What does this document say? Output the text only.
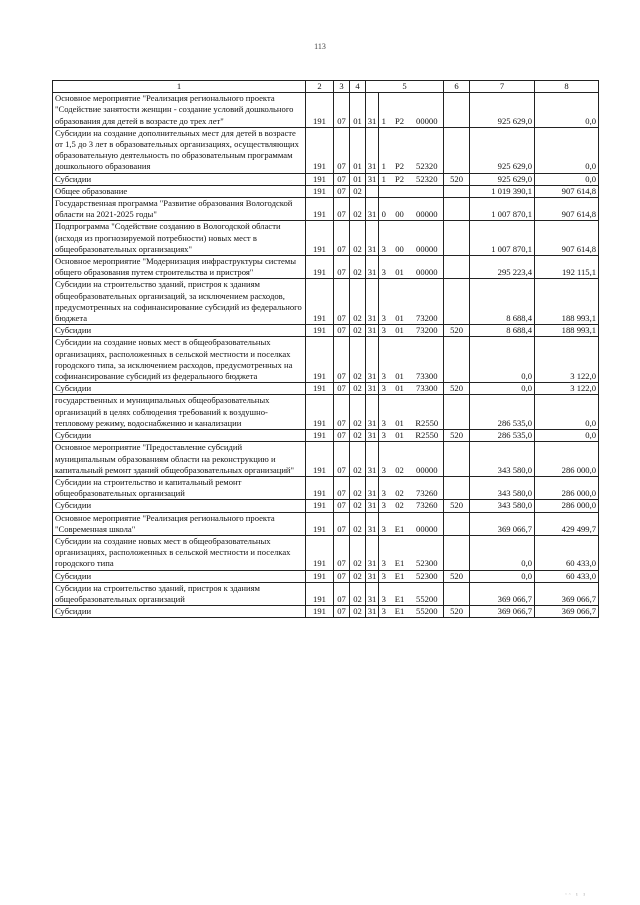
113
1	2	3	4	5				6	7	8
Основное мероприятие "Реализация регионального проекта "Содействие занятости женщин - создание условий дошкольного образования для детей в возрасте до трех лет"	191	07	01	31	1	P2	00000		925 629,0	0,0
Субсидии на создание дополнительных мест для детей в возрасте от 1,5 до 3 лет в образовательных организациях, осуществляющих образовательную деятельность по образовательным программам дошкольного образования	191	07	01	31	1	P2	52320		925 629,0	0,0
Субсидии	191	07	01	31	1	P2	52320	520	925 629,0	0,0
Общее образование	191	07	02						1 019 390,1	907 614,8
Государственная программа "Развитие образования Вологодской области на 2021-2025 годы"	191	07	02	31	0	00	00000		1 007 870,1	907 614,8
Подпрограмма "Содействие созданию в Вологодской области (исходя из прогнозируемой потребности) новых мест в общеобразовательных организациях"	191	07	02	31	3	00	00000		1 007 870,1	907 614,8
Основное мероприятие "Модернизация инфраструктуры системы общего образования путем строительства и пристроя"	191	07	02	31	3	01	00000		295 223,4	192 115,1
Субсидии на строительство зданий, пристроя к зданиям общеобразовательных организаций, за исключением расходов, предусмотренных на софинансирование субсидий из федерального бюджета	191	07	02	31	3	01	73200		8 688,4	188 993,1
Субсидии	191	07	02	31	3	01	73200	520	8 688,4	188 993,1
Субсидии на создание новых мест в общеобразовательных организациях, расположенных в сельской местности и поселках городского типа, за исключением расходов, предусмотренных на софинансирование субсидий из федерального бюджета	191	07	02	31	3	01	73300		0,0	3 122,0
Субсидии	191	07	02	31	3	01	73300	520	0,0	3 122,0
государственных и муниципальных общеобразовательных организаций в целях соблюдения требований к воздушно-тепловому режиму, водоснабжению и канализации	191	07	02	31	3	01	R2550		286 535,0	0,0
Субсидии	191	07	02	31	3	01	R2550	520	286 535,0	0,0
Основное мероприятие "Предоставление субсидий муниципальным образованиям области на реконструкцию и капитальный ремонт зданий общеобразовательных организаций"	191	07	02	31	3	02	00000		343 580,0	286 000,0
Субсидии на строительство и капитальный ремонт общеобразовательных организаций	191	07	02	31	3	02	73260		343 580,0	286 000,0
Субсидии	191	07	02	31	3	02	73260	520	343 580,0	286 000,0
Основное мероприятие "Реализация регионального проекта "Современная школа"	191	07	02	31	3	E1	00000		369 066,7	429 499,7
Субсидии на создание новых мест в общеобразовательных организациях, расположенных в сельской местности и поселках городского типа	191	07	02	31	3	E1	52300		0,0	60 433,0
Субсидии	191	07	02	31	3	E1	52300	520	0,0	60 433,0
Субсидии на строительство зданий, пристроя к зданиям общеобразовательных организаций	191	07	02	31	3	E1	55200		369 066,7	369 066,7
Субсидии	191	07	02	31	3	E1	55200	520	369 066,7	369 066,7
ᵔᵔ ¹ ¹
